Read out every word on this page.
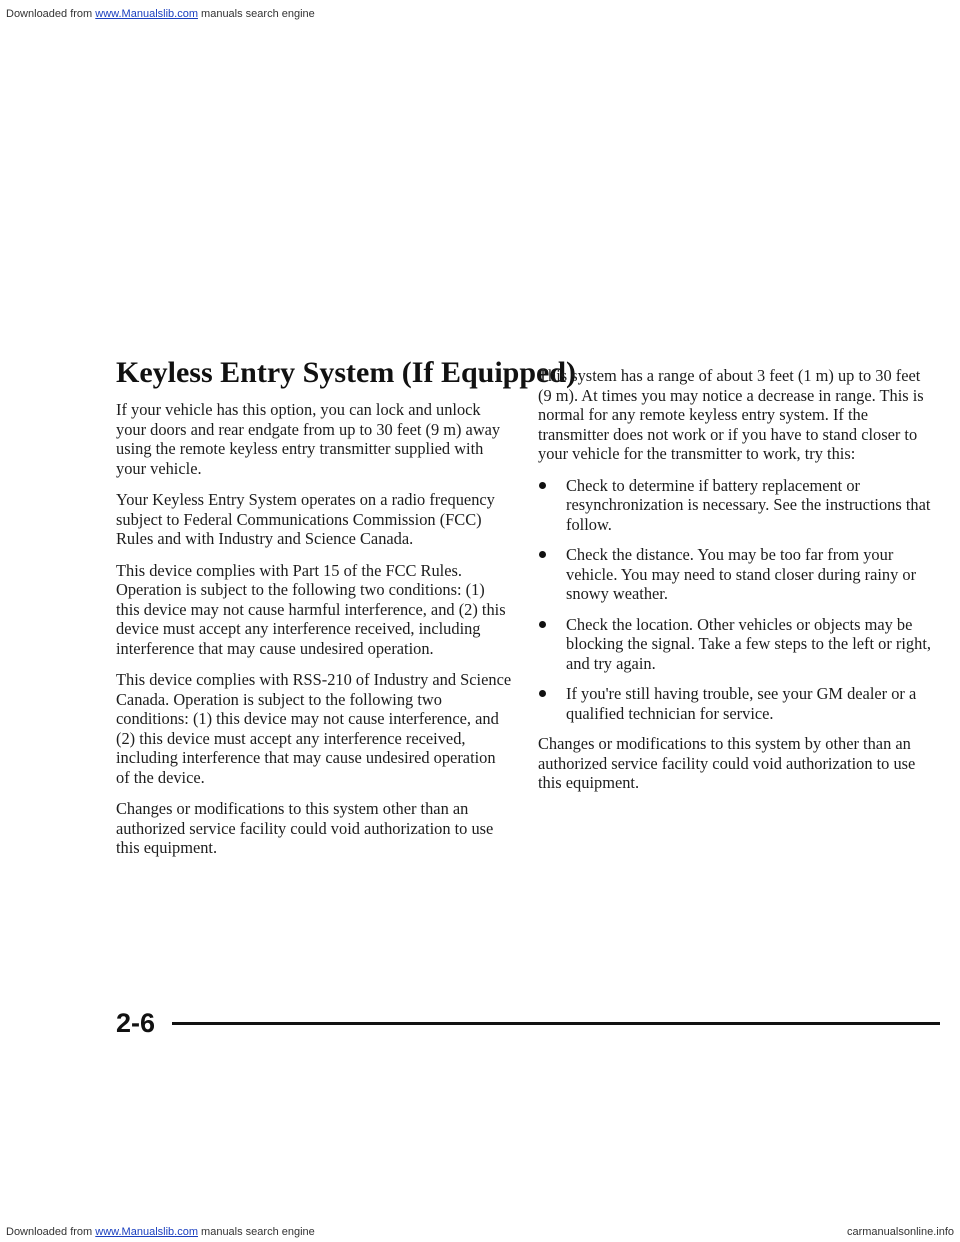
Downloaded from www.Manualslib.com manuals search engine
Keyless Entry System (If Equipped)

If your vehicle has this option, you can lock and unlock your doors and rear endgate from up to 30 feet (9 m) away using the remote keyless entry transmitter supplied with your vehicle.

Your Keyless Entry System operates on a radio frequency subject to Federal Communications Commission (FCC) Rules and with Industry and Science Canada.

This device complies with Part 15 of the FCC Rules. Operation is subject to the following two conditions: (1) this device may not cause harmful interference, and (2) this device must accept any interference received, including interference that may cause undesired operation.

This device complies with RSS-210 of Industry and Science Canada. Operation is subject to the following two conditions: (1) this device may not cause interference, and (2) this device must accept any interference received, including interference that may cause undesired operation of the device.

Changes or modifications to this system other than an authorized service facility could void authorization to use this equipment.

This system has a range of about 3 feet (1 m) up to 30 feet (9 m). At times you may notice a decrease in range. This is normal for any remote keyless entry system. If the transmitter does not work or if you have to stand closer to your vehicle for the transmitter to work, try this:

Check to determine if battery replacement or resynchronization is necessary. See the instructions that follow.
Check the distance. You may be too far from your vehicle. You may need to stand closer during rainy or snowy weather.
Check the location. Other vehicles or objects may be blocking the signal. Take a few steps to the left or right, and try again.
If you're still having trouble, see your GM dealer or a qualified technician for service.

Changes or modifications to this system by other than an authorized service facility could void authorization to use this equipment.

2-6
Downloaded from www.Manualslib.com manuals search engine	carmanualsonline.info
